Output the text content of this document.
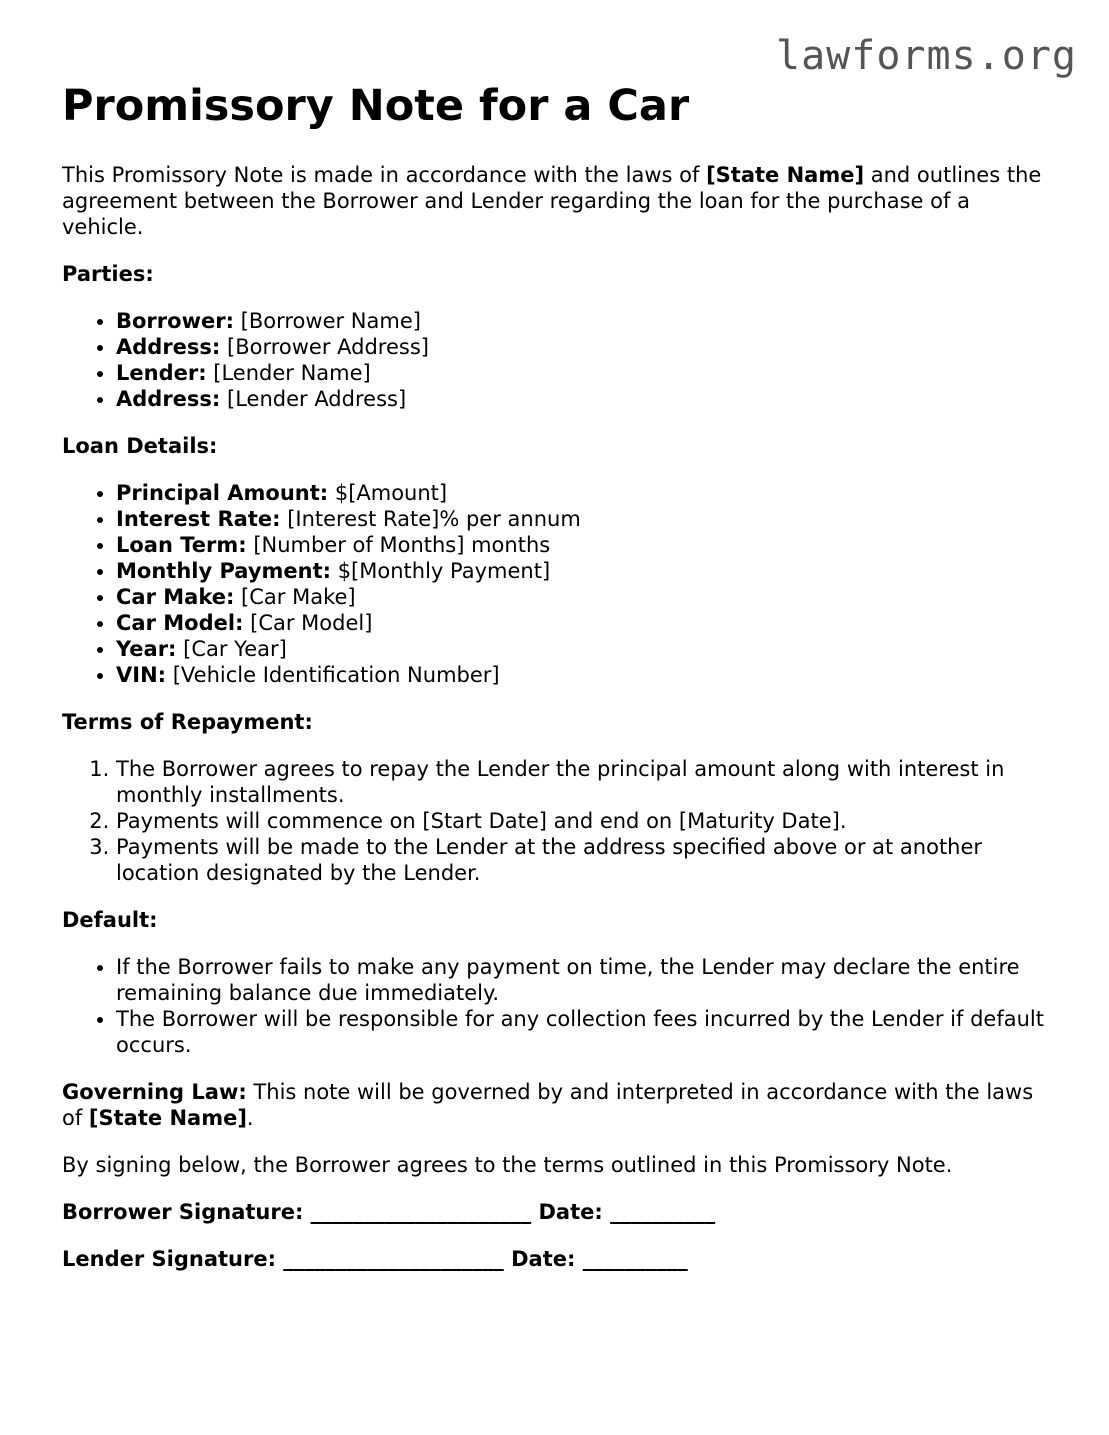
lawforms.org
Promissory Note for a Car

This Promissory Note is made in accordance with the laws of [State Name] and outlines the agreement between the Borrower and Lender regarding the loan for the purchase of a vehicle.

Parties:
• Borrower: [Borrower Name]
• Address: [Borrower Address]
• Lender: [Lender Name]
• Address: [Lender Address]
Loan Details:
• Principal Amount: $[Amount]
• Interest Rate: [Interest Rate]% per annum
• Loan Term: [Number of Months] months
• Monthly Payment: $[Monthly Payment]
• Car Make: [Car Make]
• Car Model: [Car Model]
• Year: [Car Year]
• VIN: [Vehicle Identification Number]
Terms of Repayment:
1. The Borrower agrees to repay the Lender the principal amount along with interest in monthly installments.
2. Payments will commence on [Start Date] and end on [Maturity Date].
3. Payments will be made to the Lender at the address specified above or at another location designated by the Lender.
Default:
• If the Borrower fails to make any payment on time, the Lender may declare the entire remaining balance due immediately.
• The Borrower will be responsible for any collection fees incurred by the Lender if default occurs.

Governing Law: This note will be governed by and interpreted in accordance with the laws of [State Name].

By signing below, the Borrower agrees to the terms outlined in this Promissory Note.

Borrower Signature: _____________________ Date: __________
Lender Signature: _____________________ Date: __________
